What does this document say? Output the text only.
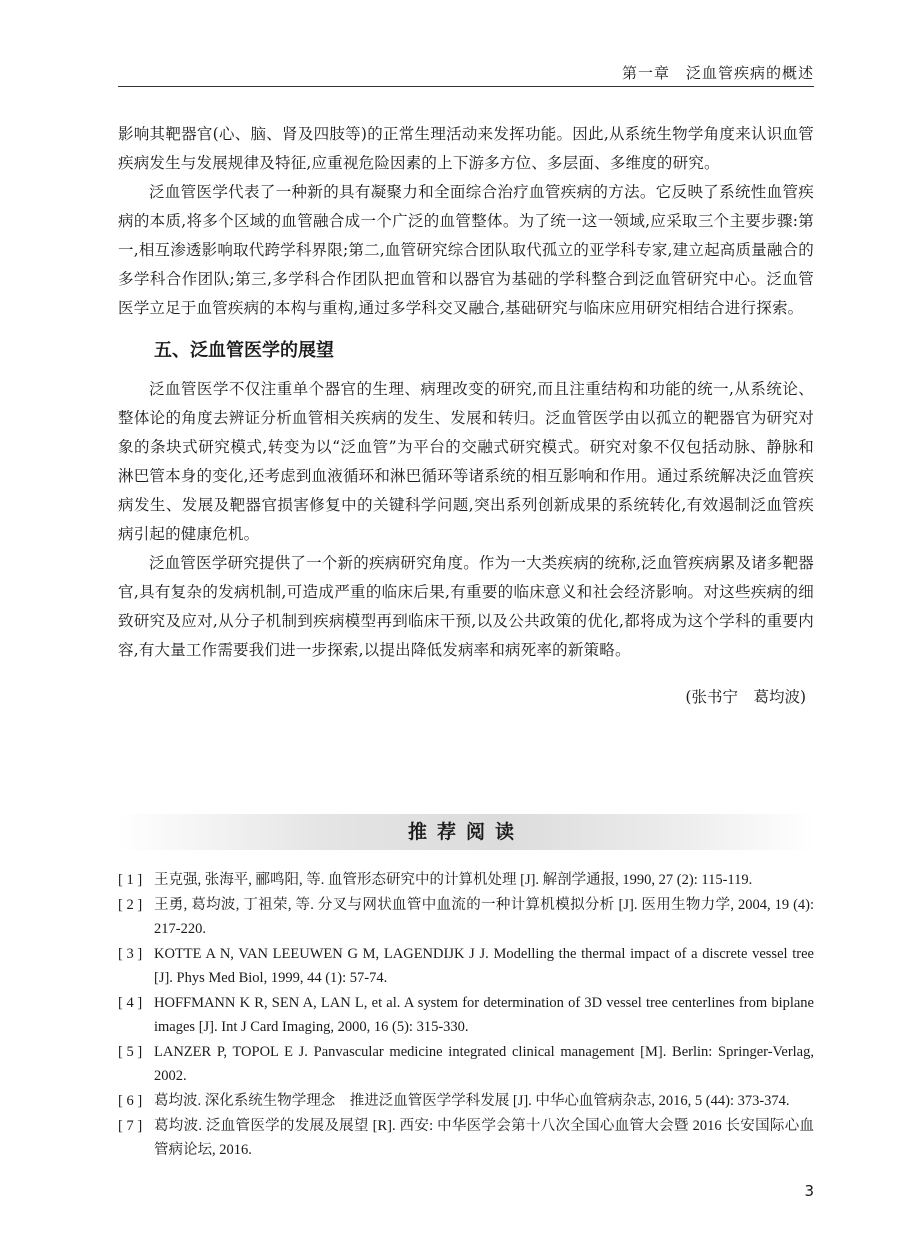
第一章　泛血管疾病的概述

影响其靶器官(心、脑、肾及四肢等)的正常生理活动来发挥功能。因此,从系统生物学角度来认识血管疾病发生与发展规律及特征,应重视危险因素的上下游多方位、多层面、多维度的研究。

泛血管医学代表了一种新的具有凝聚力和全面综合治疗血管疾病的方法。它反映了系统性血管疾病的本质,将多个区域的血管融合成一个广泛的血管整体。为了统一这一领域,应采取三个主要步骤:第一,相互渗透影响取代跨学科界限;第二,血管研究综合团队取代孤立的亚学科专家,建立起高质量融合的多学科合作团队;第三,多学科合作团队把血管和以器官为基础的学科整合到泛血管研究中心。泛血管医学立足于血管疾病的本构与重构,通过多学科交叉融合,基础研究与临床应用研究相结合进行探索。

五、泛血管医学的展望

泛血管医学不仅注重单个器官的生理、病理改变的研究,而且注重结构和功能的统一,从系统论、整体论的角度去辨证分析血管相关疾病的发生、发展和转归。泛血管医学由以孤立的靶器官为研究对象的条块式研究模式,转变为以“泛血管”为平台的交融式研究模式。研究对象不仅包括动脉、静脉和淋巴管本身的变化,还考虑到血液循环和淋巴循环等诸系统的相互影响和作用。通过系统解决泛血管疾病发生、发展及靶器官损害修复中的关键科学问题,突出系列创新成果的系统转化,有效遏制泛血管疾病引起的健康危机。

泛血管医学研究提供了一个新的疾病研究角度。作为一大类疾病的统称,泛血管疾病累及诸多靶器官,具有复杂的发病机制,可造成严重的临床后果,有重要的临床意义和社会经济影响。对这些疾病的细致研究及应对,从分子机制到疾病模型再到临床干预,以及公共政策的优化,都将成为这个学科的重要内容,有大量工作需要我们进一步探索,以提出降低发病率和病死率的新策略。

(张书宁　葛均波)
推荐阅读
[ 1 ] 王克强, 张海平, 郦鸣阳, 等. 血管形态研究中的计算机处理 [J]. 解剖学通报, 1990, 27 (2): 115-119.
[ 2 ] 王勇, 葛均波, 丁祖荣, 等. 分叉与网状血管中血流的一种计算机模拟分析 [J]. 医用生物力学, 2004, 19 (4): 217-220.
[ 3 ] KOTTE A N, VAN LEEUWEN G M, LAGENDIJK J J. Modelling the thermal impact of a discrete vessel tree [J]. Phys Med Biol, 1999, 44 (1): 57-74.
[ 4 ] HOFFMANN K R, SEN A, LAN L, et al. A system for determination of 3D vessel tree centerlines from biplane images [J]. Int J Card Imaging, 2000, 16 (5): 315-330.
[ 5 ] LANZER P, TOPOL E J. Panvascular medicine integrated clinical management [M]. Berlin: Springer-Verlag, 2002.
[ 6 ] 葛均波. 深化系统生物学理念　推进泛血管医学学科发展 [J]. 中华心血管病杂志, 2016, 5 (44): 373-374.
[ 7 ] 葛均波. 泛血管医学的发展及展望 [R]. 西安: 中华医学会第十八次全国心血管大会暨 2016 长安国际心血管病论坛, 2016.
3
